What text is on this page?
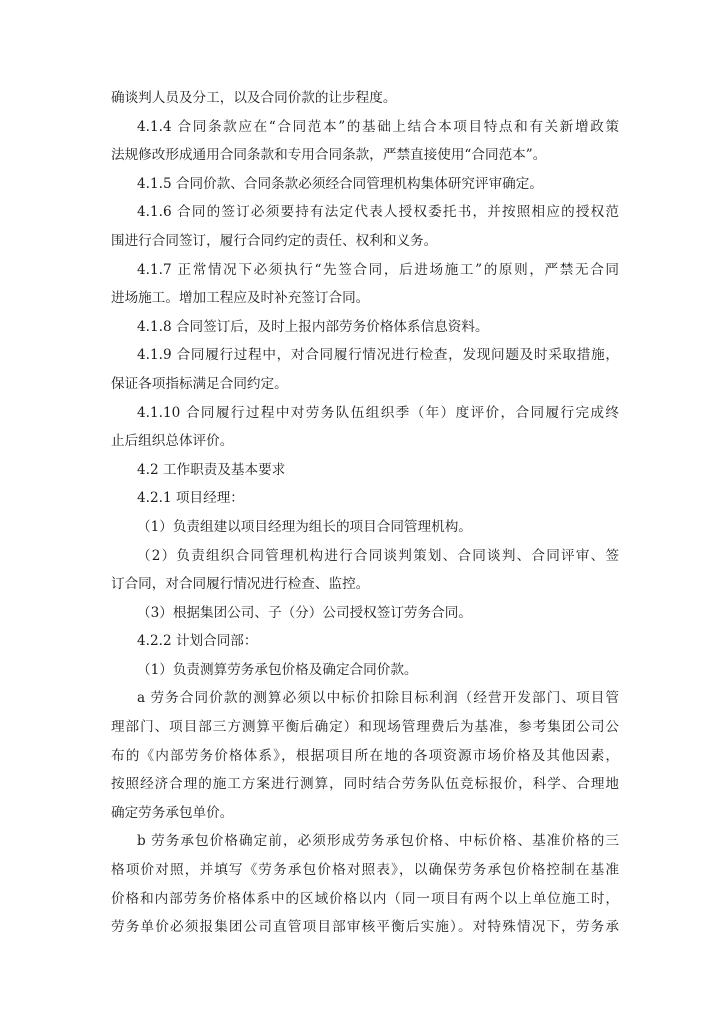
确谈判人员及分工，以及合同价款的让步程度。
4.1.4 合同条款应在“合同范本”的基础上结合本项目特点和有关新增政策
法规修改形成通用合同条款和专用合同条款，严禁直接使用“合同范本”。
4.1.5 合同价款、合同条款必须经合同管理机构集体研究评审确定。
4.1.6 合同的签订必须要持有法定代表人授权委托书，并按照相应的授权范
围进行合同签订，履行合同约定的责任、权利和义务。
4.1.7 正常情况下必须执行“先签合同，后进场施工”的原则，严禁无合同
进场施工。增加工程应及时补充签订合同。
4.1.8 合同签订后，及时上报内部劳务价格体系信息资料。
4.1.9 合同履行过程中，对合同履行情况进行检查，发现问题及时采取措施，
保证各项指标满足合同约定。
4.1.10 合同履行过程中对劳务队伍组织季（年）度评价，合同履行完成终
止后组织总体评价。
4.2 工作职责及基本要求
4.2.1 项目经理：
（1）负责组建以项目经理为组长的项目合同管理机构。
（2）负责组织合同管理机构进行合同谈判策划、合同谈判、合同评审、签
订合同，对合同履行情况进行检查、监控。
（3）根据集团公司、子（分）公司授权签订劳务合同。
4.2.2 计划合同部：
（1）负责测算劳务承包价格及确定合同价款。
a 劳务合同价款的测算必须以中标价扣除目标利润（经营开发部门、项目管
理部门、项目部三方测算平衡后确定）和现场管理费后为基准，参考集团公司公
布的《内部劳务价格体系》，根据项目所在地的各项资源市场价格及其他因素，
按照经济合理的施工方案进行测算，同时结合劳务队伍竞标报价，科学、合理地
确定劳务承包单价。
b 劳务承包价格确定前，必须形成劳务承包价格、中标价格、基准价格的三
格项价对照，并填写《劳务承包价格对照表》，以确保劳务承包价格控制在基准
价格和内部劳务价格体系中的区域价格以内（同一项目有两个以上单位施工时，
劳务单价必须报集团公司直管项目部审核平衡后实施）。对特殊情况下，劳务承
